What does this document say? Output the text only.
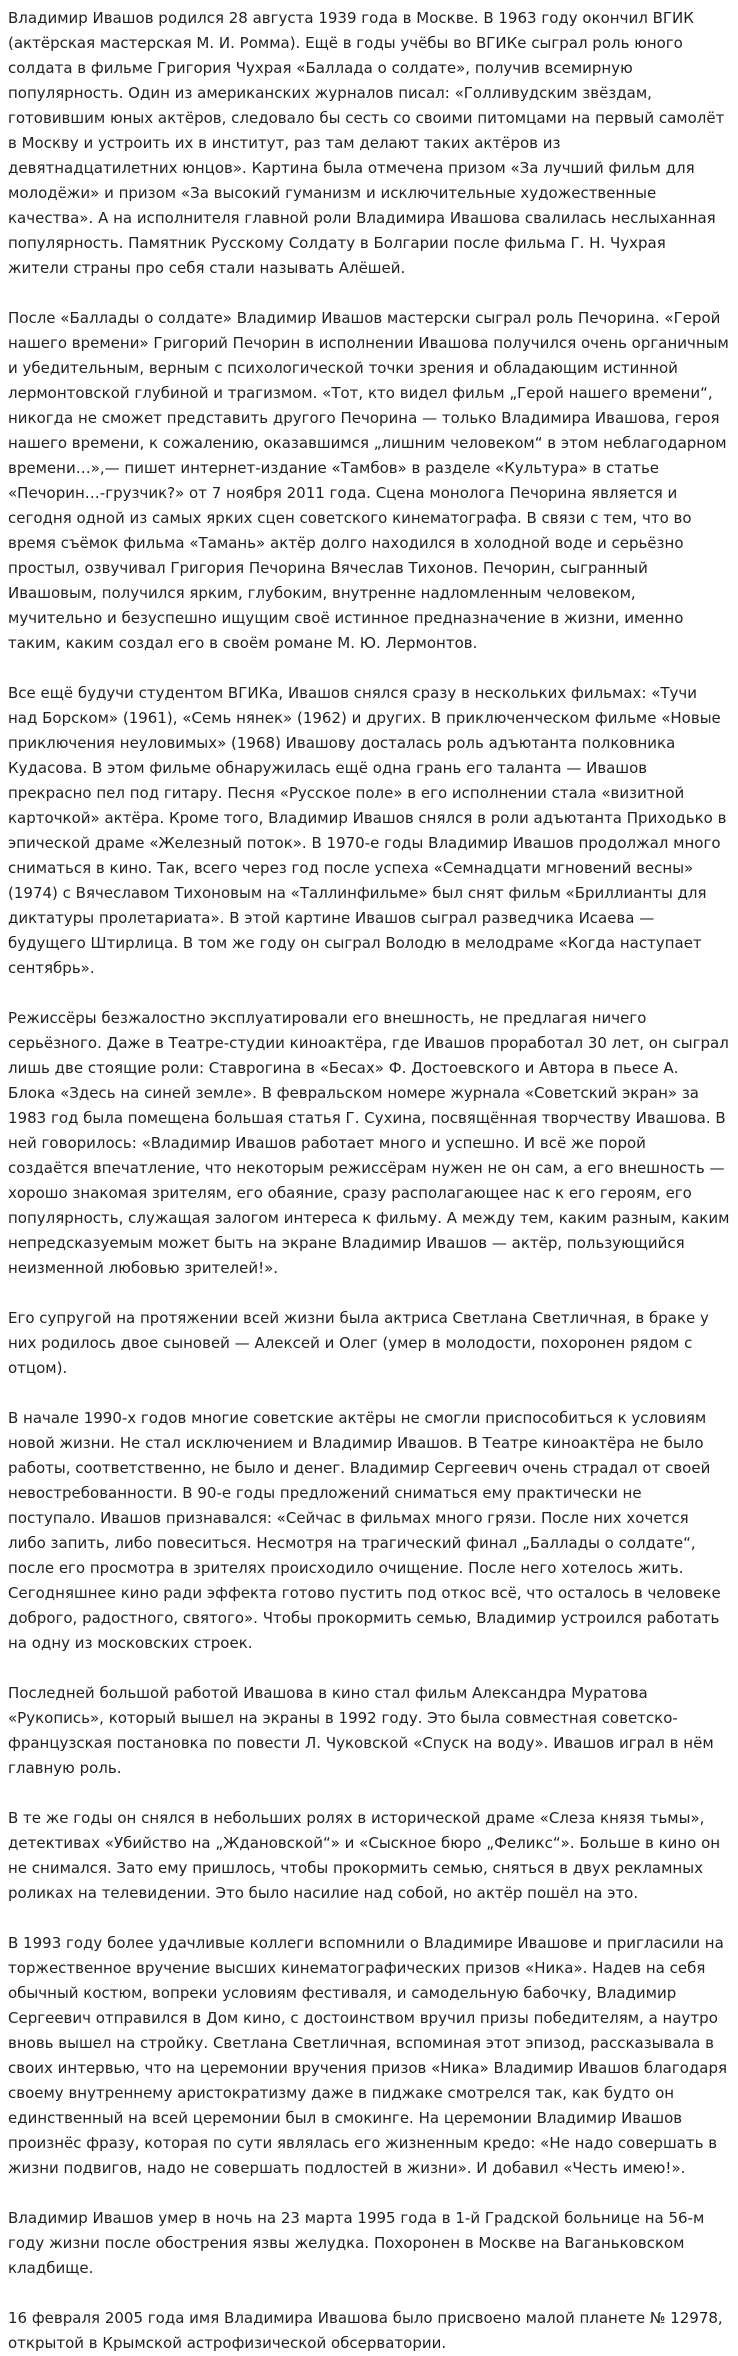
Владимир Ивашов родился 28 августа 1939 года в Москве. В 1963 году окончил ВГИК (актёрская мастерская М. И. Ромма). Ещё в годы учёбы во ВГИКе сыграл роль юного солдата в фильме Григория Чухрая «Баллада о солдате», получив всемирную популярность. Один из американских журналов писал: «Голливудским звёздам, готовившим юных актёров, следовало бы сесть со своими питомцами на первый самолёт в Москву и устроить их в институт, раз там делают таких актёров из девятнадцатилетних юнцов». Картина была отмечена призом «За лучший фильм для молодёжи» и призом «За высокий гуманизм и исключительные художественные качества». А на исполнителя главной роли Владимира Ивашова свалилась неслыханная популярность. Памятник Русскому Солдату в Болгарии после фильма Г. Н. Чухрая жители страны про себя стали называть Алёшей.

После «Баллады о солдате» Владимир Ивашов мастерски сыграл роль Печорина. «Герой нашего времени» Григорий Печорин в исполнении Ивашова получился очень органичным и убедительным, верным с психологической точки зрения и обладающим истинной лермонтовской глубиной и трагизмом. «Тот, кто видел фильм „Герой нашего времени“, никогда не сможет представить другого Печорина — только Владимира Ивашова, героя нашего времени, к сожалению, оказавшимся „лишним человеком“ в этом неблагодарном времени…»,— пишет интернет-издание «Тамбов» в разделе «Культура» в статье «Печорин…-грузчик?» от 7 ноября 2011 года. Сцена монолога Печорина является и сегодня одной из самых ярких сцен советского кинематографа. В связи с тем, что во время съёмок фильма «Тамань» актёр долго находился в холодной воде и серьёзно простыл, озвучивал Григория Печорина Вячеслав Тихонов. Печорин, сыгранный Ивашовым, получился ярким, глубоким, внутренне надломленным человеком, мучительно и безуспешно ищущим своё истинное предназначение в жизни, именно таким, каким создал его в своём романе М. Ю. Лермонтов.

Все ещё будучи студентом ВГИКа, Ивашов снялся сразу в нескольких фильмах: «Тучи над Борском» (1961), «Семь нянек» (1962) и других. В приключенческом фильме «Новые приключения неуловимых» (1968) Ивашову досталась роль адъютанта полковника Кудасова. В этом фильме обнаружилась ещё одна грань его таланта — Ивашов прекрасно пел под гитару. Песня «Русское поле» в его исполнении стала «визитной карточкой» актёра. Кроме того, Владимир Ивашов снялся в роли адъютанта Приходько в эпической драме «Железный поток». В 1970-е годы Владимир Ивашов продолжал много сниматься в кино. Так, всего через год после успеха «Семнадцати мгновений весны» (1974) с Вячеславом Тихоновым на «Таллинфильме» был снят фильм «Бриллианты для диктатуры пролетариата». В этой картине Ивашов сыграл разведчика Исаева — будущего Штирлица. В том же году он сыграл Володю в мелодраме «Когда наступает сентябрь».

Режиссёры безжалостно эксплуатировали его внешность, не предлагая ничего серьёзного. Даже в Театре-студии киноактёра, где Ивашов проработал 30 лет, он сыграл лишь две стоящие роли: Ставрогина в «Бесах» Ф. Достоевского и Автора в пьесе А. Блока «Здесь на синей земле». В февральском номере журнала «Советский экран» за 1983 год была помещена большая статья Г. Сухина, посвящённая творчеству Ивашова. В ней говорилось: «Владимир Ивашов работает много и успешно. И всё же порой создаётся впечатление, что некоторым режиссёрам нужен не он сам, а его внешность — хорошо знакомая зрителям, его обаяние, сразу располагающее нас к его героям, его популярность, служащая залогом интереса к фильму. А между тем, каким разным, каким непредсказуемым может быть на экране Владимир Ивашов — актёр, пользующийся неизменной любовью зрителей!».

Его супругой на протяжении всей жизни была актриса Светлана Светличная, в браке у них родилось двое сыновей — Алексей и Олег (умер в молодости, похоронен рядом с отцом).

В начале 1990-х годов многие советские актёры не смогли приспособиться к условиям новой жизни. Не стал исключением и Владимир Ивашов. В Театре киноактёра не было работы, соответственно, не было и денег. Владимир Сергеевич очень страдал от своей невостребованности. В 90-е годы предложений сниматься ему практически не поступало. Ивашов признавался: «Сейчас в фильмах много грязи. После них хочется либо запить, либо повеситься. Несмотря на трагический финал „Баллады о солдате“, после его просмотра в зрителях происходило очищение. После него хотелось жить. Сегодняшнее кино ради эффекта готово пустить под откос всё, что осталось в человеке доброго, радостного, святого». Чтобы прокормить семью, Владимир устроился работать на одну из московских строек.

Последней большой работой Ивашова в кино стал фильм Александра Муратова «Рукопись», который вышел на экраны в 1992 году. Это была совместная советско-французская постановка по повести Л. Чуковской «Спуск на воду». Ивашов играл в нём главную роль.

В те же годы он снялся в небольших ролях в исторической драме «Слеза князя тьмы», детективах «Убийство на „Ждановской“» и «Сыскное бюро „Феликс“». Больше в кино он не снимался. Зато ему пришлось, чтобы прокормить семью, сняться в двух рекламных роликах на телевидении. Это было насилие над собой, но актёр пошёл на это.

В 1993 году более удачливые коллеги вспомнили о Владимире Ивашове и пригласили на торжественное вручение высших кинематографических призов «Ника». Надев на себя обычный костюм, вопреки условиям фестиваля, и самодельную бабочку, Владимир Сергеевич отправился в Дом кино, с достоинством вручил призы победителям, а наутро вновь вышел на стройку. Светлана Светличная, вспоминая этот эпизод, рассказывала в своих интервью, что на церемонии вручения призов «Ника» Владимир Ивашов благодаря своему внутреннему аристократизму даже в пиджаке смотрелся так, как будто он единственный на всей церемонии был в смокинге. На церемонии Владимир Ивашов произнёс фразу, которая по сути являлась его жизненным кредо: «Не надо совершать в жизни подвигов, надо не совершать подлостей в жизни». И добавил «Честь имею!».

Владимир Ивашов умер в ночь на 23 марта 1995 года в 1-й Градской больнице на 56-м году жизни после обострения язвы желудка. Похоронен в Москве на Ваганьковском кладбище.

16 февраля 2005 года имя Владимира Ивашова было присвоено малой планете № 12978, открытой в Крымской астрофизической обсерватории.
